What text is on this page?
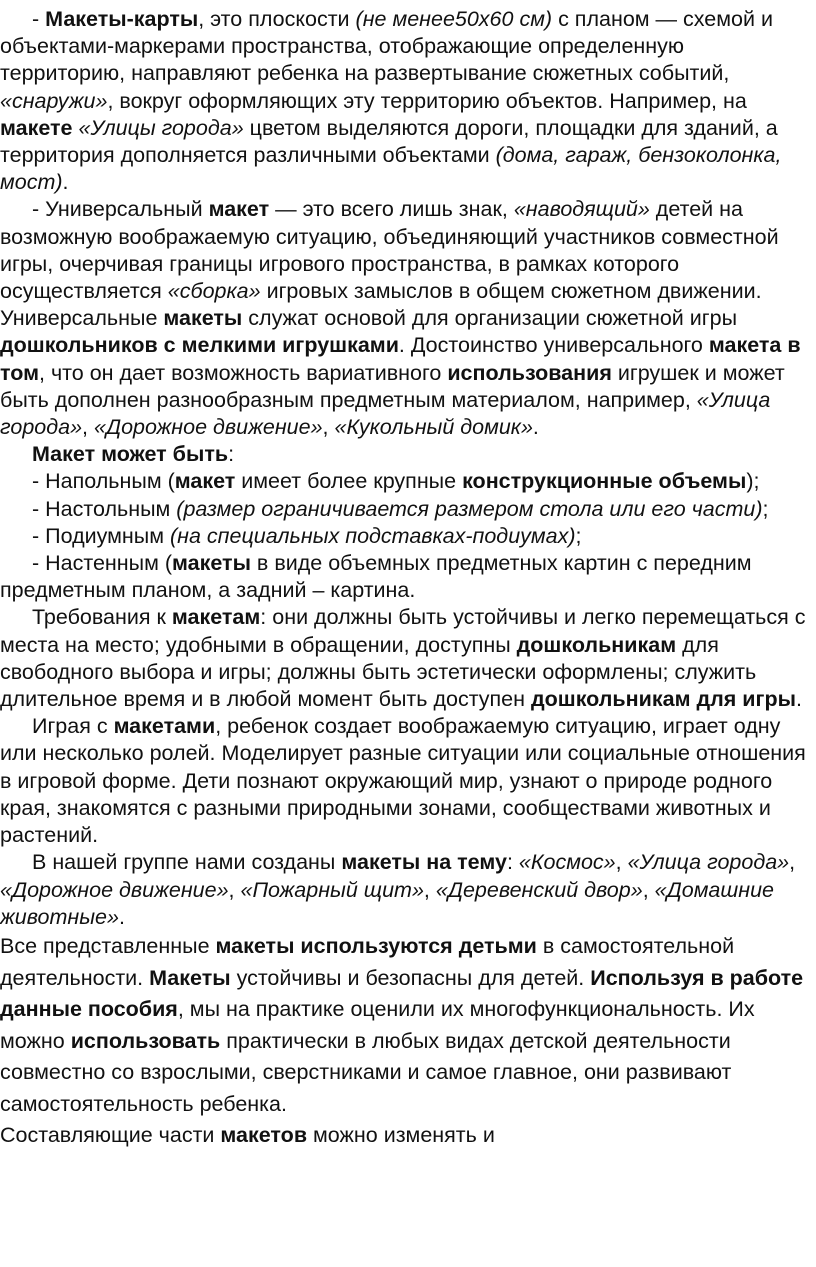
- Макеты-карты, это плоскости (не менее50х60 см) с планом — схемой и объектами-маркерами пространства, отображающие определенную территорию, направляют ребенка на развертывание сюжетных событий, «снаружи», вокруг оформляющих эту территорию объектов. Например, на макете «Улицы города» цветом выделяются дороги, площадки для зданий, а территория дополняется различными объектами (дома, гараж, бензоколонка, мост).

- Универсальный макет — это всего лишь знак, «наводящий» детей на возможную воображаемую ситуацию, объединяющий участников совместной игры, очерчивая границы игрового пространства, в рамках которого осуществляется «сборка» игровых замыслов в общем сюжетном движении. Универсальные макеты служат основой для организации сюжетной игры дошкольников с мелкими игрушками. Достоинство универсального макета в том, что он дает возможность вариативного использования игрушек и может быть дополнен разнообразным предметным материалом, например, «Улица города», «Дорожное движение», «Кукольный домик».

Макет может быть:

- Напольным (макет имеет более крупные конструкционные объемы);

- Настольным (размер ограничивается размером стола или его части);

- Подиумным (на специальных подставках-подиумах);

- Настенным (макеты в виде объемных предметных картин с передним предметным планом, а задний – картина.

Требования к макетам: они должны быть устойчивы и легко перемещаться с места на место; удобными в обращении, доступны дошкольникам для свободного выбора и игры; должны быть эстетически оформлены; служить длительное время и в любой момент быть доступен дошкольникам для игры.

Играя с макетами, ребенок создает воображаемую ситуацию, играет одну или несколько ролей. Моделирует разные ситуации или социальные отношения в игровой форме. Дети познают окружающий мир, узнают о природе родного края, знакомятся с разными природными зонами, сообществами животных и растений.

В нашей группе нами созданы макеты на тему: «Космос», «Улица города», «Дорожное движение», «Пожарный щит», «Деревенский двор», «Домашние животные».

Все представленные макеты используются детьми в самостоятельной деятельности. Макеты устойчивы и безопасны для детей. Используя в работе данные пособия, мы на практике оценили их многофункциональность. Их можно использовать практически в любых видах детской деятельности совместно со взрослыми, сверстниками и самое главное, они развивают самостоятельность ребенка.

Составляющие части макетов можно изменять и
